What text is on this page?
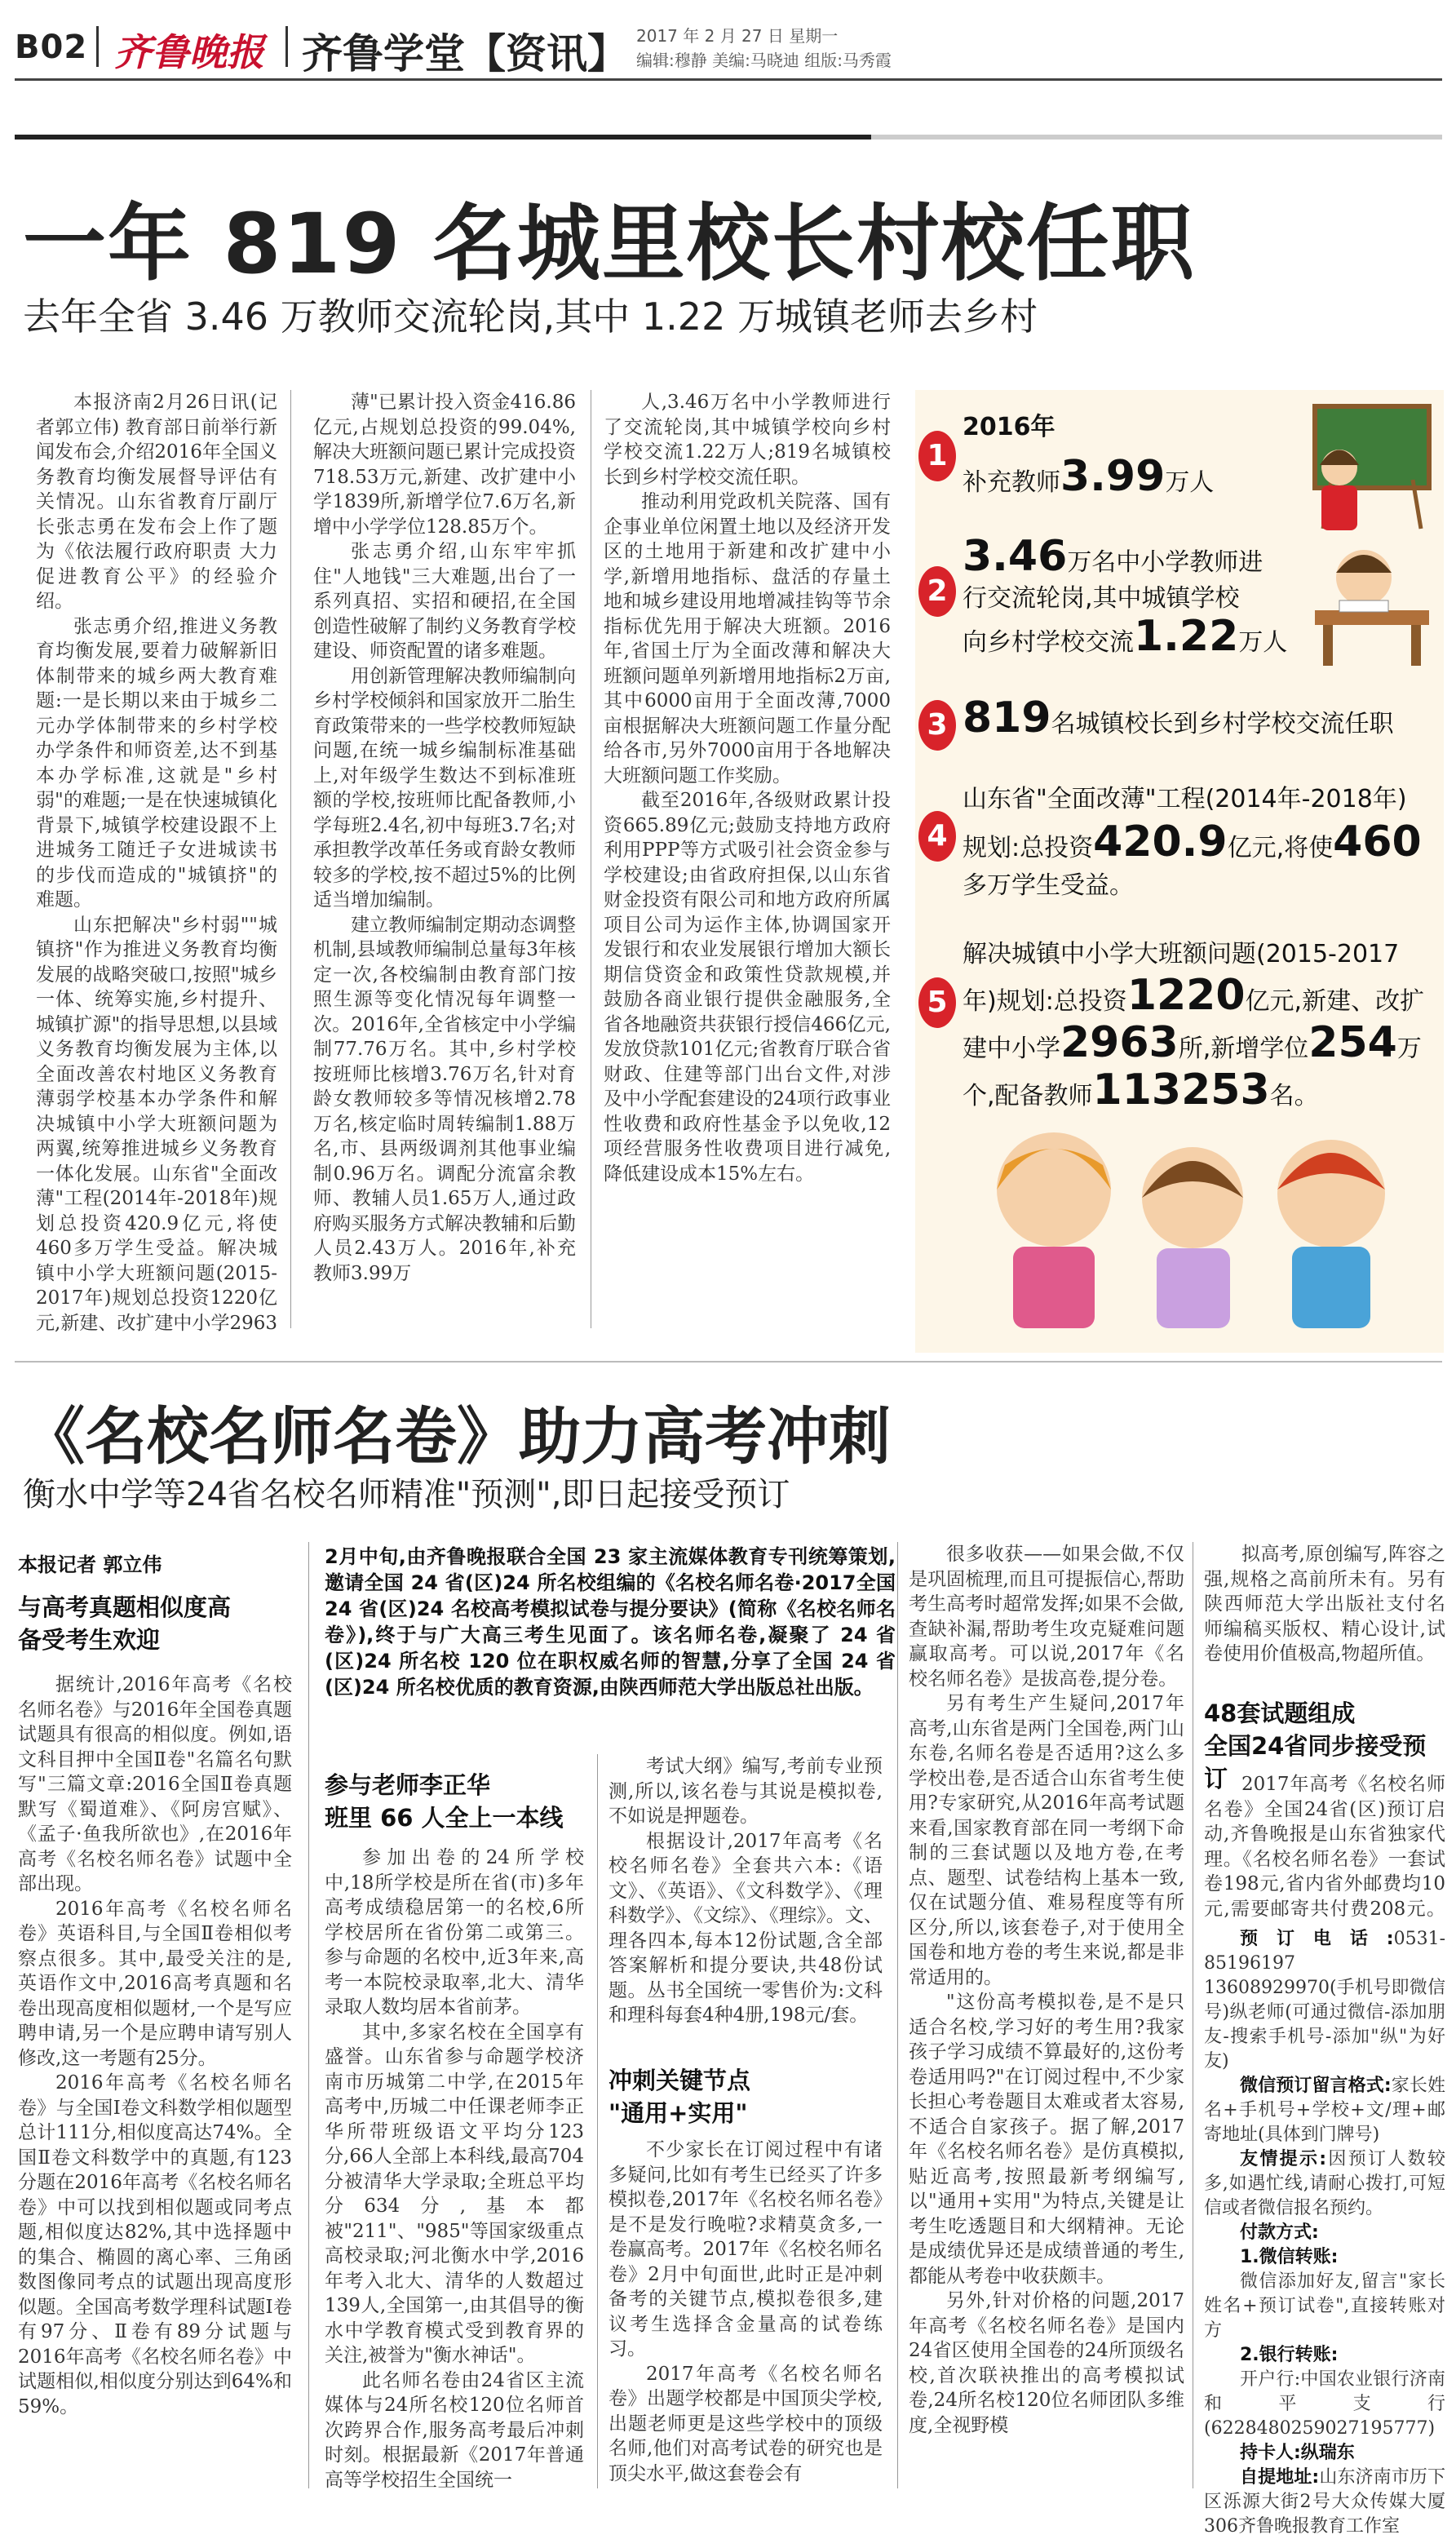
B02 齐鲁晚报 齐鲁学堂【资讯】 2017 年 2 月 27 日 星期一
编辑:穆静 美编:马晓迪 组版:马秀霞
一年 819 名城里校长村校任职
去年全省 3.46 万教师交流轮岗,其中 1.22 万城镇老师去乡村

本报济南2月26日讯(记者郭立伟) 教育部日前举行新闻发布会,介绍2016年全国义务教育均衡发展督导评估有关情况。山东省教育厅副厅长张志勇在发布会上作了题为《依法履行政府职责 大力促进教育公平》的经验介绍。

张志勇介绍,推进义务教育均衡发展,要着力破解新旧体制带来的城乡两大教育难题:一是长期以来由于城乡二元办学体制带来的乡村学校办学条件和师资差,达不到基本办学标准,这就是"乡村弱"的难题;一是在快速城镇化背景下,城镇学校建设跟不上进城务工随迁子女进城读书的步伐而造成的"城镇挤"的难题。

山东把解决"乡村弱""城镇挤"作为推进义务教育均衡发展的战略突破口,按照"城乡一体、统筹实施,乡村提升、城镇扩源"的指导思想,以县域义务教育均衡发展为主体,以全面改善农村地区义务教育薄弱学校基本办学条件和解决城镇中小学大班额问题为两翼,统筹推进城乡义务教育一体化发展。山东省"全面改薄"工程(2014年-2018年)规划总投资420.9亿元,将使460多万学生受益。解决城镇中小学大班额问题(2015-2017年)规划总投资1220亿元,新建、改扩建中小学2963

薄"已累计投入资金416.86亿元,占规划总投资的99.04%,解决大班额问题已累计完成投资718.53万元,新建、改扩建中小学1839所,新增学位7.6万名,新增中小学学位128.85万个。

张志勇介绍,山东牢牢抓住"人地钱"三大难题,出台了一系列真招、实招和硬招,在全国创造性破解了制约义务教育学校建设、师资配置的诸多难题。

用创新管理解决教师编制向乡村学校倾斜和国家放开二胎生育政策带来的一些学校教师短缺问题,在统一城乡编制标准基础上,对年级学生数达不到标准班额的学校,按班师比配备教师,小学每班2.4名,初中每班3.7名;对承担教学改革任务或育龄女教师较多的学校,按不超过5%的比例适当增加编制。

建立教师编制定期动态调整机制,县域教师编制总量每3年核定一次,各校编制由教育部门按照生源等变化情况每年调整一次。2016年,全省核定中小学编制77.76万名。其中,乡村学校按班师比核增3.76万名,针对育龄女教师较多等情况核增2.78万名,核定临时周转编制1.88万名,市、县两级调剂其他事业编制0.96万名。调配分流富余教师、教辅人员1.65万人,通过政府购买服务方式解决教辅和后勤人员2.43万人。2016年,补充教师3.99万

人,3.46万名中小学教师进行了交流轮岗,其中城镇学校向乡村学校交流1.22万人;819名城镇校长到乡村学校交流任职。

推动利用党政机关院落、国有企事业单位闲置土地以及经济开发区的土地用于新建和改扩建中小学,新增用地指标、盘活的存量土地和城乡建设用地增减挂钩等节余指标优先用于解决大班额。2016年,省国土厅为全面改薄和解决大班额问题单列新增用地指标2万亩,其中6000亩用于全面改薄,7000亩根据解决大班额问题工作量分配给各市,另外7000亩用于各地解决大班额问题工作奖励。

截至2016年,各级财政累计投资665.89亿元;鼓励支持地方政府利用PPP等方式吸引社会资金参与学校建设;由省政府担保,以山东省财金投资有限公司和地方政府所属项目公司为运作主体,协调国家开发银行和农业发展银行增加大额长期信贷资金和政策性贷款规模,并鼓励各商业银行提供金融服务,全省各地融资共获银行授信466亿元,发放贷款101亿元;省教育厅联合省财政、住建等部门出台文件,对涉及中小学配套建设的24项行政事业性收费和政府性基金予以免收,12项经营服务性收费项目进行减免,降低建设成本15%左右。

1
2016年
补充教师3.99万人
2
3.46万名中小学教师进
行交流轮岗,其中城镇学校
向乡村学校交流1.22万人
3 819名城镇校长到乡村学校交流任职
4
山东省"全面改薄"工程(2014年-2018年)
规划:总投资420.9亿元,将使460
多万学生受益。
5
解决城镇中小学大班额问题(2015-2017
年)规划:总投资1220亿元,新建、改扩
建中小学2963所,新增学位254万
个,配备教师113253名。
《名校名师名卷》助力高考冲刺
衡水中学等24省名校名师精准"预测",即日起接受预订
本报记者 郭立伟
与高考真题相似度高
备受考生欢迎

据统计,2016年高考《名校名师名卷》与2016年全国卷真题试题具有很高的相似度。例如,语文科目押中全国Ⅱ卷"名篇名句默写"三篇文章:2016全国Ⅱ卷真题默写《蜀道难》、《阿房宫赋》、《孟子·鱼我所欲也》,在2016年高考《名校名师名卷》试题中全部出现。

2016年高考《名校名师名卷》英语科目,与全国Ⅱ卷相似考察点很多。其中,最受关注的是,英语作文中,2016高考真题和名卷出现高度相似题材,一个是写应聘申请,另一个是应聘申请写别人修改,这一考题有25分。

2016年高考《名校名师名卷》与全国Ⅰ卷文科数学相似题型总计111分,相似度高达74%。全国Ⅱ卷文科数学中的真题,有123分题在2016年高考《名校名师名卷》中可以找到相似题或同考点题,相似度达82%,其中选择题中的集合、椭圆的离心率、三角函数图像同考点的试题出现高度形似题。全国高考数学理科试题Ⅰ卷有97分、Ⅱ卷有89分试题与2016年高考《名校名师名卷》中试题相似,相似度分别达到64%和59%。

2月中旬,由齐鲁晚报联合全国 23 家主流媒体教育专刊统筹策划,邀请全国 24 省(区)24 所名校组编的《名校名师名卷·2017全国 24 省(区)24 名校高考模拟试卷与提分要诀》(简称《名校名师名卷》),终于与广大高三考生见面了。该名师名卷,凝聚了 24 省(区)24 所名校 120 位在职权威名师的智慧,分享了全国 24 省(区)24 所名校优质的教育资源,由陕西师范大学出版总社出版。
参与老师李正华
班里 66 人全上一本线

参加出卷的24所学校中,18所学校是所在省(市)多年高考成绩稳居第一的名校,6所学校居所在省份第二或第三。参与命题的名校中,近3年来,高考一本院校录取率,北大、清华录取人数均居本省前茅。

其中,多家名校在全国享有盛誉。山东省参与命题学校济南市历城第二中学,在2015年高考中,历城二中任课老师李正华所带班级语文平均分123分,66人全部上本科线,最高704分被清华大学录取;全班总平均分634分,基本都被"211"、"985"等国家级重点高校录取;河北衡水中学,2016年考入北大、清华的人数超过139人,全国第一,由其倡导的衡水中学教育模式受到教育界的关注,被誉为"衡水神话"。

此名师名卷由24省区主流媒体与24所名校120位名师首次跨界合作,服务高考最后冲刺时刻。根据最新《2017年普通高等学校招生全国统一

考试大纲》编写,考前专业预测,所以,该名卷与其说是模拟卷,不如说是押题卷。

根据设计,2017年高考《名校名师名卷》全套共六本:《语文》、《英语》、《文科数学》、《理科数学》、《文综》、《理综》。文、理各四本,每本12份试题,含全部答案解析和提分要诀,共48份试题。丛书全国统一零售价为:文科和理科每套4种4册,198元/套。

冲刺关键节点
"通用+实用"

不少家长在订阅过程中有诸多疑问,比如有考生已经买了许多模拟卷,2017年《名校名师名卷》是不是发行晚啦?求精莫贪多,一卷赢高考。2017年《名校名师名卷》2月中旬面世,此时正是冲刺备考的关键节点,模拟卷很多,建议考生选择含金量高的试卷练习。

2017年高考《名校名师名卷》出题学校都是中国顶尖学校,出题老师更是这些学校中的顶级名师,他们对高考试卷的研究也是顶尖水平,做这套卷会有

很多收获——如果会做,不仅是巩固梳理,而且可提振信心,帮助考生高考时超常发挥;如果不会做,查缺补漏,帮助考生攻克疑难问题赢取高考。可以说,2017年《名校名师名卷》是拔高卷,提分卷。

另有考生产生疑问,2017年高考,山东省是两门全国卷,两门山东卷,名师名卷是否适用?这么多学校出卷,是否适合山东省考生使用?专家研究,从2016年高考试题来看,国家教育部在同一考纲下命制的三套试题以及地方卷,在考点、题型、试卷结构上基本一致,仅在试题分值、难易程度等有所区分,所以,该套卷子,对于使用全国卷和地方卷的考生来说,都是非常适用的。

"这份高考模拟卷,是不是只适合名校,学习好的考生用?我家孩子学习成绩不算最好的,这份考卷适用吗?"在订阅过程中,不少家长担心考卷题目太难或者太容易,不适合自家孩子。据了解,2017年《名校名师名卷》是仿真模拟,贴近高考,按照最新考纲编写,以"通用+实用"为特点,关键是让考生吃透题目和大纲精神。无论是成绩优异还是成绩普通的考生,都能从考卷中收获颇丰。

另外,针对价格的问题,2017年高考《名校名师名卷》是国内24省区使用全国卷的24所顶级名校,首次联袂推出的高考模拟试卷,24所名校120位名师团队多维度,全视野模

拟高考,原创编写,阵容之强,规格之高前所未有。另有陕西师范大学出版社支付名师编稿买版权、精心设计,试卷使用价值极高,物超所值。

48套试题组成
全国24省同步接受预订 2017年高考《名校名师名卷》全国24省(区)预订启动,齐鲁晚报是山东省独家代理。《名校名师名卷》一套试卷198元,省内省外邮费均10元,需要邮寄共付费208元。

预订电话:0531-85196197 13608929970(手机号即微信号)纵老师(可通过微信-添加朋友-搜索手机号-添加"纵"为好友)
微信预订留言格式:家长姓名+手机号+学校+文/理+邮寄地址(具体到门牌号)
友情提示:因预订人数较多,如遇忙线,请耐心拨打,可短信或者微信报名预约。
付款方式:
1.微信转账:
微信添加好友,留言"家长姓名+预订试卷",直接转账对方
2.银行转账:
开户行:中国农业银行济南和平支行(6228480259027195777)
持卡人:纵瑞东
自提地址:山东济南市历下区泺源大街2号大众传媒大厦306齐鲁晚报教育工作室
